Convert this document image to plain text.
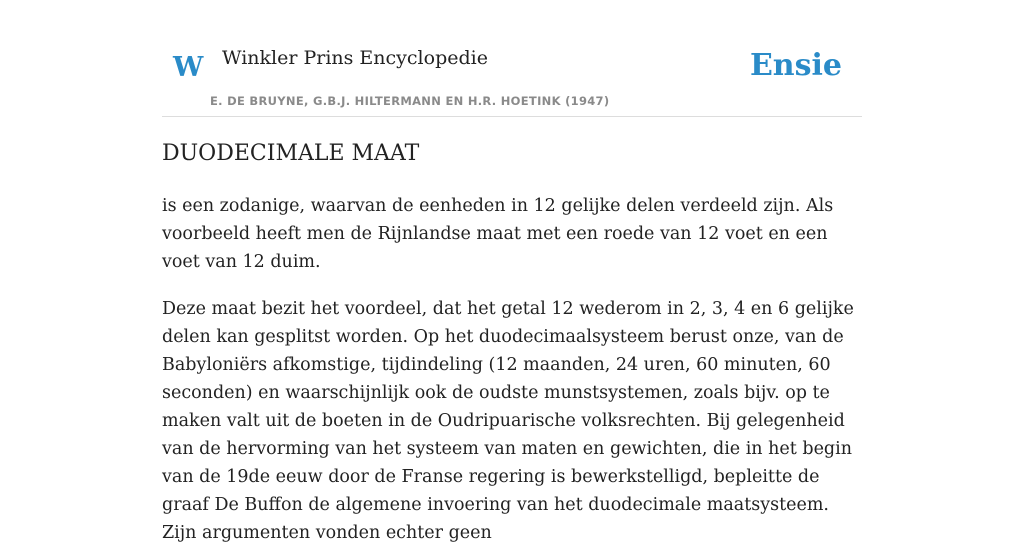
W Winkler Prins Encyclopedie
E. DE BRUYNE, G.B.J. HILTERMANN EN H.R. HOETINK (1947)
Ensie
DUODECIMALE MAAT

is een zodanige, waarvan de eenheden in 12 gelijke delen verdeeld zijn. Als voorbeeld heeft men de Rijnlandse maat met een roede van 12 voet en een voet van 12 duim.

Deze maat bezit het voordeel, dat het getal 12 wederom in 2, 3, 4 en 6 gelijke delen kan gesplitst worden. Op het duodecimaalsysteem berust onze, van de Babyloniërs afkomstige, tijdindeling (12 maanden, 24 uren, 60 minuten, 60 seconden) en waarschijnlijk ook de oudste munstsystemen, zoals bijv. op te maken valt uit de boeten in de Oudripuarische volksrechten. Bij gelegenheid van de hervorming van het systeem van maten en gewichten, die in het begin van de 19de eeuw door de Franse regering is bewerkstelligd, bepleitte de graaf De Buffon de algemene invoering van het duodecimale maatsysteem. Zijn argumenten vonden echter geen
